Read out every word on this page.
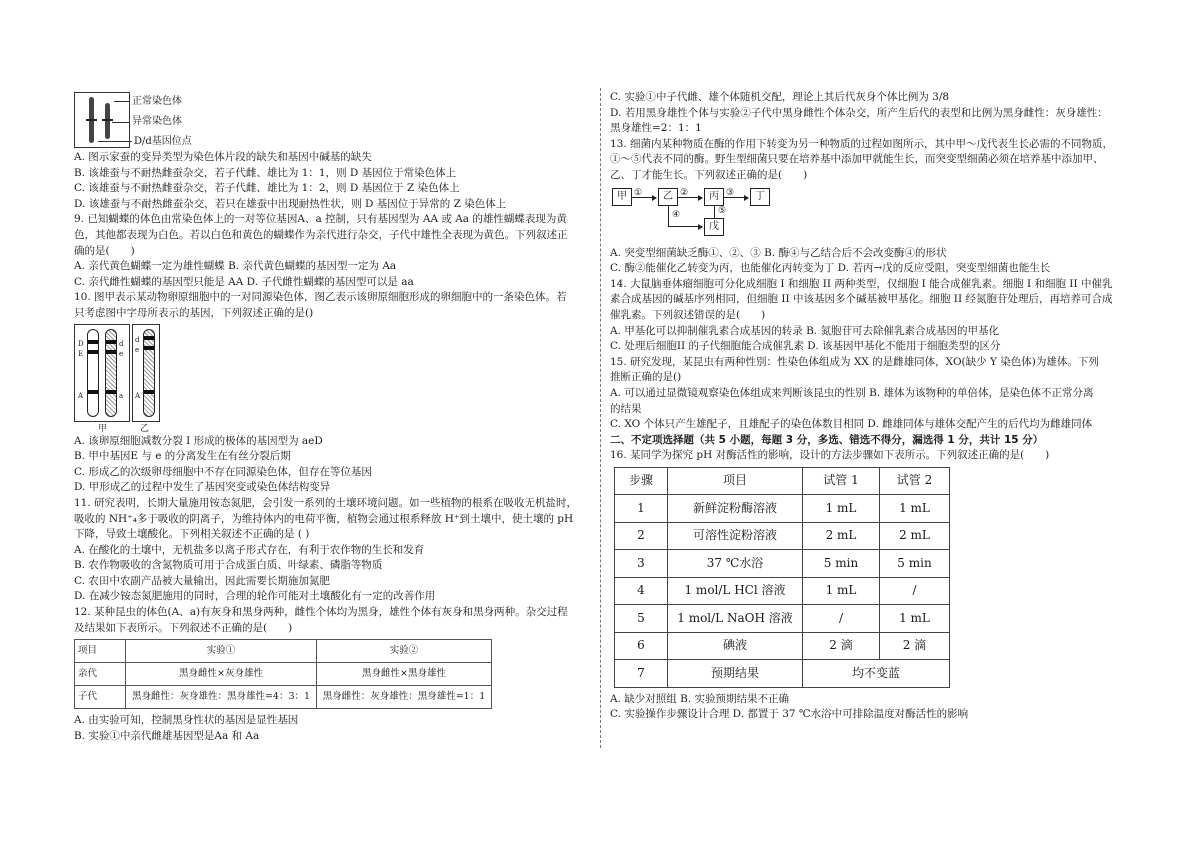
正常染色体
异常染色体
D/d基因位点
A. 图示家蚕的变异类型为染色体片段的缺失和基因中碱基的缺失
B. 该雄蚕与不耐热雌蚕杂交，若子代雌、雄比为 1：1，则 D 基因位于常染色体上
C. 该雄蚕与不耐热雌蚕杂交，若子代雌、雄比为 1：2，则 D 基因位于 Z 染色体上
D. 该雄蚕与不耐热雌蚕杂交，若只在雄蚕中出现耐热性状，则 D 基因位于异常的 Z 染色体上
9. 已知蝴蝶的体色由常染色体上的一对等位基因A、a 控制，只有基因型为 AA 或 Aa 的雄性蝴蝶表现为黄
色，其他都表现为白色。若以白色和黄色的蝴蝶作为亲代进行杂交，子代中雄性全表现为黄色。下列叙述正
确的是(　　)
A. 亲代黄色蝴蝶一定为雄性蝴蝶 B. 亲代黄色蝴蝶的基因型一定为 Aa
C. 亲代雌性蝴蝶的基因型只能是 AA D. 子代雌性蝴蝶的基因型可以是 aa
10. 图甲表示某动物卵原细胞中的一对同源染色体，图乙表示该卵原细胞形成的卵细胞中的一条染色体。若
只考虑图中字母所表示的基因，下列叙述正确的是()
D
E
A
d
e
a
d
e
A
甲	乙
A. 该卵原细胞减数分裂 I 形成的极体的基因型为 aeD
B. 甲中基因E 与 e 的分离发生在有丝分裂后期
C. 形成乙的次级卵母细胞中不存在同源染色体，但存在等位基因
D. 甲形成乙的过程中发生了基因突变或染色体结构变异
11. 研究表明，长期大量施用铵态氮肥，会引发一系列的土壤环境问题。如一些植物的根系在吸收无机盐时，
吸收的 NH⁺₄多于吸收的阴离子，为维持体内的电荷平衡，植物会通过根系释放 H⁺到土壤中，使土壤的 pH
下降，导致土壤酸化。下列相关叙述不正确的是 ( )
A. 在酸化的土壤中，无机盐多以离子形式存在，有利于农作物的生长和发育
B. 农作物吸收的含氮物质可用于合成蛋白质、叶绿素、磷脂等物质
C. 农田中农副产品被大量输出，因此需要长期施加氮肥
D. 在减少铵态氮肥施用的同时，合理的轮作可能对土壤酸化有一定的改善作用
12. 某种昆虫的体色(A、a)有灰身和黑身两种，雌性个体均为黑身，雄性个体有灰身和黑身两种。杂交过程
及结果如下表所示。下列叙述不正确的是(　　)
项目	实验①	实验②
亲代	黑身雌性×灰身雄性	黑身雌性×黑身雄性
子代	黑身雌性：灰身雄性：黑身雄性=4：3：1	黑身雌性：灰身雄性：黑身雄性=1：1
A. 由实验可知，控制黑身性状的基因是显性基因
B. 实验①中亲代雌雄基因型是Aa 和 Aa
C. 实验①中子代雌、雄个体随机交配，理论上其后代灰身个体比例为 3/8
D. 若用黑身雄性个体与实验②子代中黑身雌性个体杂交，所产生后代的表型和比例为黑身雌性：灰身雄性：
黑身雄性=2：1：1
13. 细菌内某种物质在酶的作用下转变为另一种物质的过程如图所示，其中甲～戊代表生长必需的不同物质，
①～⑤代表不同的酶。野生型细菌只要在培养基中添加甲就能生长，而突变型细菌必须在培养基中添加甲、
乙、丁才能生长。下列叙述正确的是(　　)
甲 ①	乙 ②	丙 ③	丁
④	⑤
戊
A. 突变型细菌缺乏酶①、②、③ B. 酶④与乙结合后不会改变酶④的形状
C. 酶②能催化乙转变为丙，也能催化丙转变为丁 D. 若丙→戊的反应受阻，突变型细菌也能生长
14. 大鼠脑垂体瘤细胞可分化成细胞 I 和细胞 II 两种类型，仅细胞 I 能合成催乳素。细胞 I 和细胞 II 中催乳
素合成基因的碱基序列相同，但细胞 II 中该基因多个碱基被甲基化。细胞 II 经氮胞苷处理后，再培养可合成
催乳素。下列叙述错误的是(　　)
A. 甲基化可以抑制催乳素合成基因的转录 B. 氮胞苷可去除催乳素合成基因的甲基化
C. 处理后细胞II 的子代细胞能合成催乳素 D. 该基因甲基化不能用于细胞类型的区分
15. 研究发现，某昆虫有两种性别：性染色体组成为 XX 的是雌雄同体，XO(缺少 Y 染色体)为雄体。下列
推断正确的是()
A. 可以通过显微镜观察染色体组成来判断该昆虫的性别 B. 雄体为该物种的单倍体，是染色体不正常分离
的结果
C. XO 个体只产生雄配子，且雄配子的染色体数目相同 D. 雌雄同体与雄体交配产生的后代均为雌雄同体
二、不定项选择题（共 5 小题，每题 3 分，多选、错选不得分，漏选得 1 分，共计 15 分）
16. 某同学为探究 pH 对酶活性的影响，设计的方法步骤如下表所示。下列叙述正确的是(　　)
步骤	项目	试管 1	试管 2
1	新鲜淀粉酶溶液	1 mL	1 mL
2	可溶性淀粉溶液	2 mL	2 mL
3	37 ℃水浴	5 min	5 min
4	1 mol/L HCl 溶液	1 mL	/
5	1 mol/L NaOH 溶液	/	1 mL
6	碘液	2 滴	2 滴
7	预期结果	均不变蓝	
A. 缺少对照组 B. 实验预期结果不正确
C. 实验操作步骤设计合理 D. 都置于 37 ℃水浴中可排除温度对酶活性的影响
